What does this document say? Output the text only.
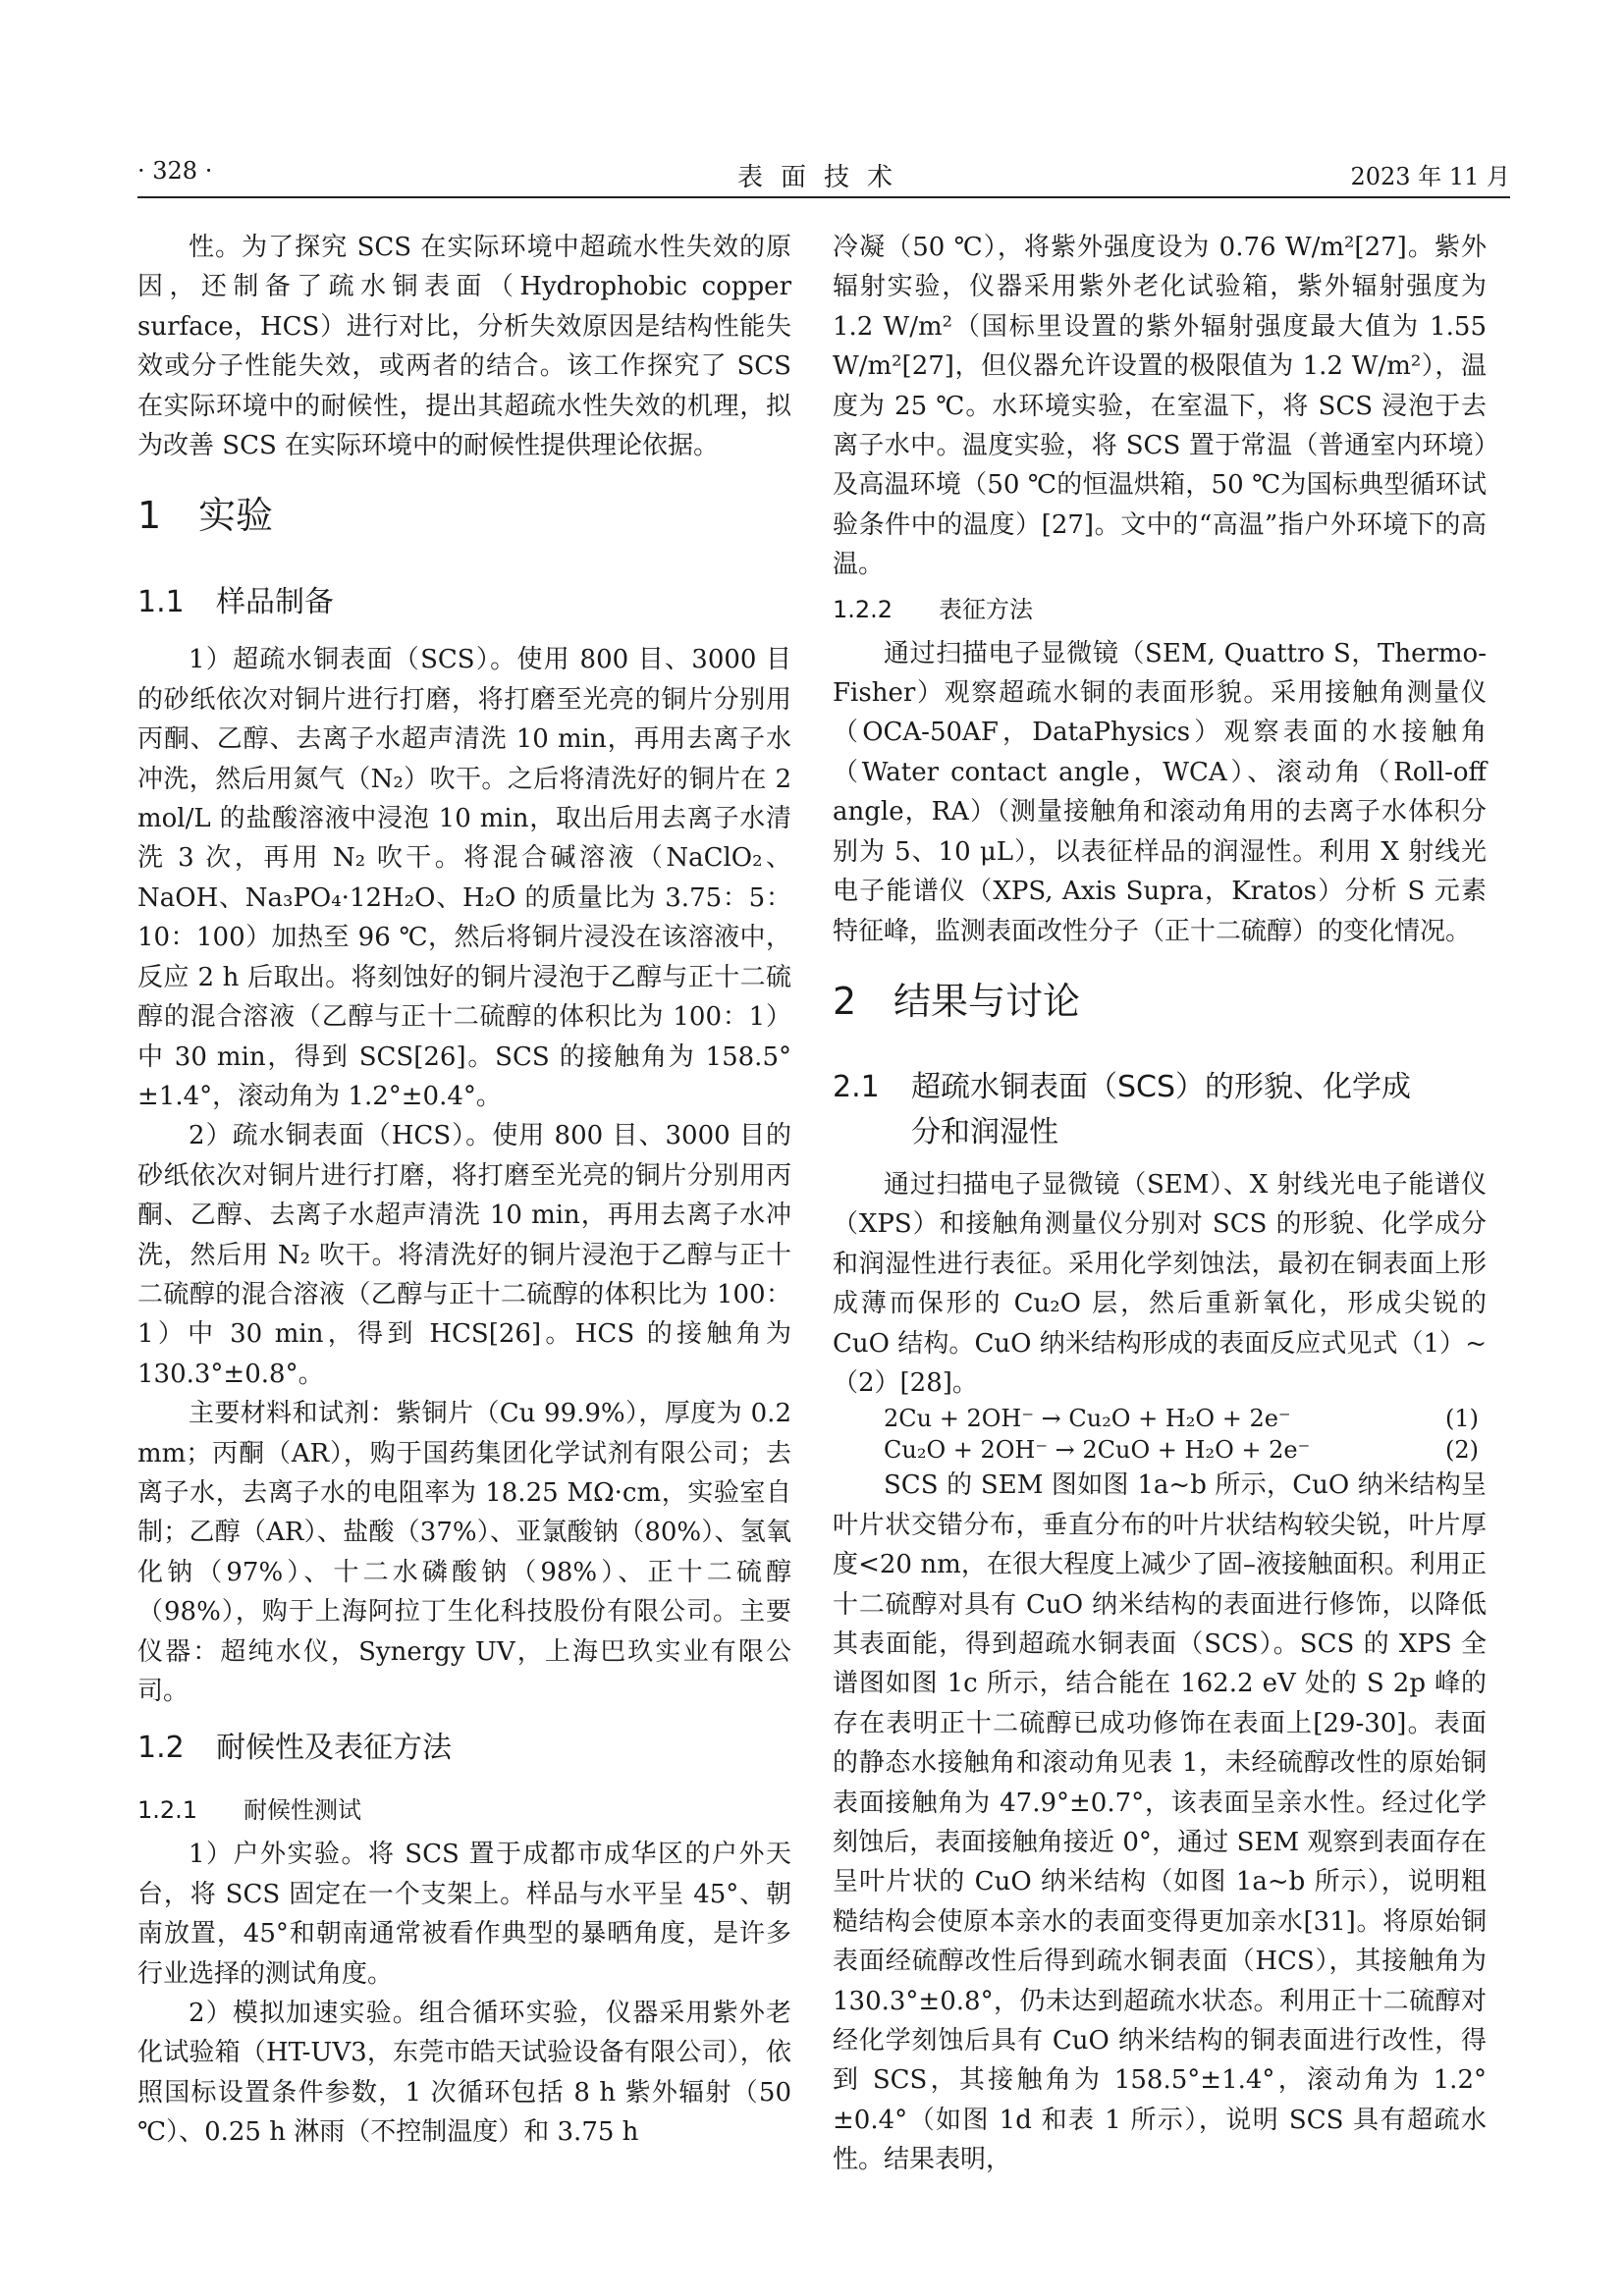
· 328 ·	表面技术	2023 年 11 月

性。为了探究 SCS 在实际环境中超疏水性失效的原因，还制备了疏水铜表面（Hydrophobic copper surface，HCS）进行对比，分析失效原因是结构性能失效或分子性能失效，或两者的结合。该工作探究了 SCS 在实际环境中的耐候性，提出其超疏水性失效的机理，拟为改善 SCS 在实际环境中的耐候性提供理论依据。

1 实验
1.1 样品制备

1）超疏水铜表面（SCS）。使用 800 目、3000 目的砂纸依次对铜片进行打磨，将打磨至光亮的铜片分别用丙酮、乙醇、去离子水超声清洗 10 min，再用去离子水冲洗，然后用氮气（N₂）吹干。之后将清洗好的铜片在 2 mol/L 的盐酸溶液中浸泡 10 min，取出后用去离子水清洗 3 次，再用 N₂ 吹干。将混合碱溶液（NaClO₂、NaOH、Na₃PO₄·12H₂O、H₂O 的质量比为 3.75：5：10：100）加热至 96 ℃，然后将铜片浸没在该溶液中，反应 2 h 后取出。将刻蚀好的铜片浸泡于乙醇与正十二硫醇的混合溶液（乙醇与正十二硫醇的体积比为 100：1）中 30 min，得到 SCS[26]。SCS 的接触角为 158.5°±1.4°，滚动角为 1.2°±0.4°。

2）疏水铜表面（HCS）。使用 800 目、3000 目的砂纸依次对铜片进行打磨，将打磨至光亮的铜片分别用丙酮、乙醇、去离子水超声清洗 10 min，再用去离子水冲洗，然后用 N₂ 吹干。将清洗好的铜片浸泡于乙醇与正十二硫醇的混合溶液（乙醇与正十二硫醇的体积比为 100：1）中 30 min，得到 HCS[26]。HCS 的接触角为 130.3°±0.8°。

主要材料和试剂：紫铜片（Cu 99.9%），厚度为 0.2 mm；丙酮（AR），购于国药集团化学试剂有限公司；去离子水，去离子水的电阻率为 18.25 MΩ·cm，实验室自制；乙醇（AR）、盐酸（37%）、亚氯酸钠（80%）、氢氧化钠（97%）、十二水磷酸钠（98%）、正十二硫醇（98%），购于上海阿拉丁生化科技股份有限公司。主要仪器：超纯水仪，Synergy UV，上海巴玖实业有限公司。

1.2 耐候性及表征方法
1.2.1 耐候性测试

1）户外实验。将 SCS 置于成都市成华区的户外天台，将 SCS 固定在一个支架上。样品与水平呈 45°、朝南放置，45°和朝南通常被看作典型的暴晒角度，是许多行业选择的测试角度。

2）模拟加速实验。组合循环实验，仪器采用紫外老化试验箱（HT-UV3，东莞市皓天试验设备有限公司），依照国标设置条件参数，1 次循环包括 8 h 紫外辐射（50 ℃）、0.25 h 淋雨（不控制温度）和 3.75 h

冷凝（50 ℃），将紫外强度设为 0.76 W/m²[27]。紫外辐射实验，仪器采用紫外老化试验箱，紫外辐射强度为 1.2 W/m²（国标里设置的紫外辐射强度最大值为 1.55 W/m²[27]，但仪器允许设置的极限值为 1.2 W/m²），温度为 25 ℃。水环境实验，在室温下，将 SCS 浸泡于去离子水中。温度实验，将 SCS 置于常温（普通室内环境）及高温环境（50 ℃的恒温烘箱，50 ℃为国标典型循环试验条件中的温度）[27]。文中的“高温”指户外环境下的高温。

1.2.2 表征方法

通过扫描电子显微镜（SEM, Quattro S，Thermo-Fisher）观察超疏水铜的表面形貌。采用接触角测量仪（OCA-50AF，DataPhysics）观察表面的水接触角（Water contact angle，WCA）、滚动角（Roll-off angle，RA）（测量接触角和滚动角用的去离子水体积分别为 5、10 μL），以表征样品的润湿性。利用 X 射线光电子能谱仪（XPS, Axis Supra，Kratos）分析 S 元素特征峰，监测表面改性分子（正十二硫醇）的变化情况。

2 结果与讨论
2.1 超疏水铜表面（SCS）的形貌、化学成
分和润湿性

通过扫描电子显微镜（SEM）、X 射线光电子能谱仪（XPS）和接触角测量仪分别对 SCS 的形貌、化学成分和润湿性进行表征。采用化学刻蚀法，最初在铜表面上形成薄而保形的 Cu₂O 层，然后重新氧化，形成尖锐的 CuO 结构。CuO 纳米结构形成的表面反应式见式（1）~（2）[28]。

2Cu + 2OH⁻ → Cu₂O + H₂O + 2e⁻	(1)
Cu₂O + 2OH⁻ → 2CuO + H₂O + 2e⁻	(2)

SCS 的 SEM 图如图 1a~b 所示，CuO 纳米结构呈叶片状交错分布，垂直分布的叶片状结构较尖锐，叶片厚度<20 nm，在很大程度上减少了固–液接触面积。利用正十二硫醇对具有 CuO 纳米结构的表面进行修饰，以降低其表面能，得到超疏水铜表面（SCS）。SCS 的 XPS 全谱图如图 1c 所示，结合能在 162.2 eV 处的 S 2p 峰的存在表明正十二硫醇已成功修饰在表面上[29-30]。表面的静态水接触角和滚动角见表 1，未经硫醇改性的原始铜表面接触角为 47.9°±0.7°，该表面呈亲水性。经过化学刻蚀后，表面接触角接近 0°，通过 SEM 观察到表面存在呈叶片状的 CuO 纳米结构（如图 1a~b 所示），说明粗糙结构会使原本亲水的表面变得更加亲水[31]。将原始铜表面经硫醇改性后得到疏水铜表面（HCS），其接触角为 130.3°±0.8°，仍未达到超疏水状态。利用正十二硫醇对经化学刻蚀后具有 CuO 纳米结构的铜表面进行改性，得到 SCS，其接触角为 158.5°±1.4°，滚动角为 1.2°±0.4°（如图 1d 和表 1 所示），说明 SCS 具有超疏水性。结果表明，
